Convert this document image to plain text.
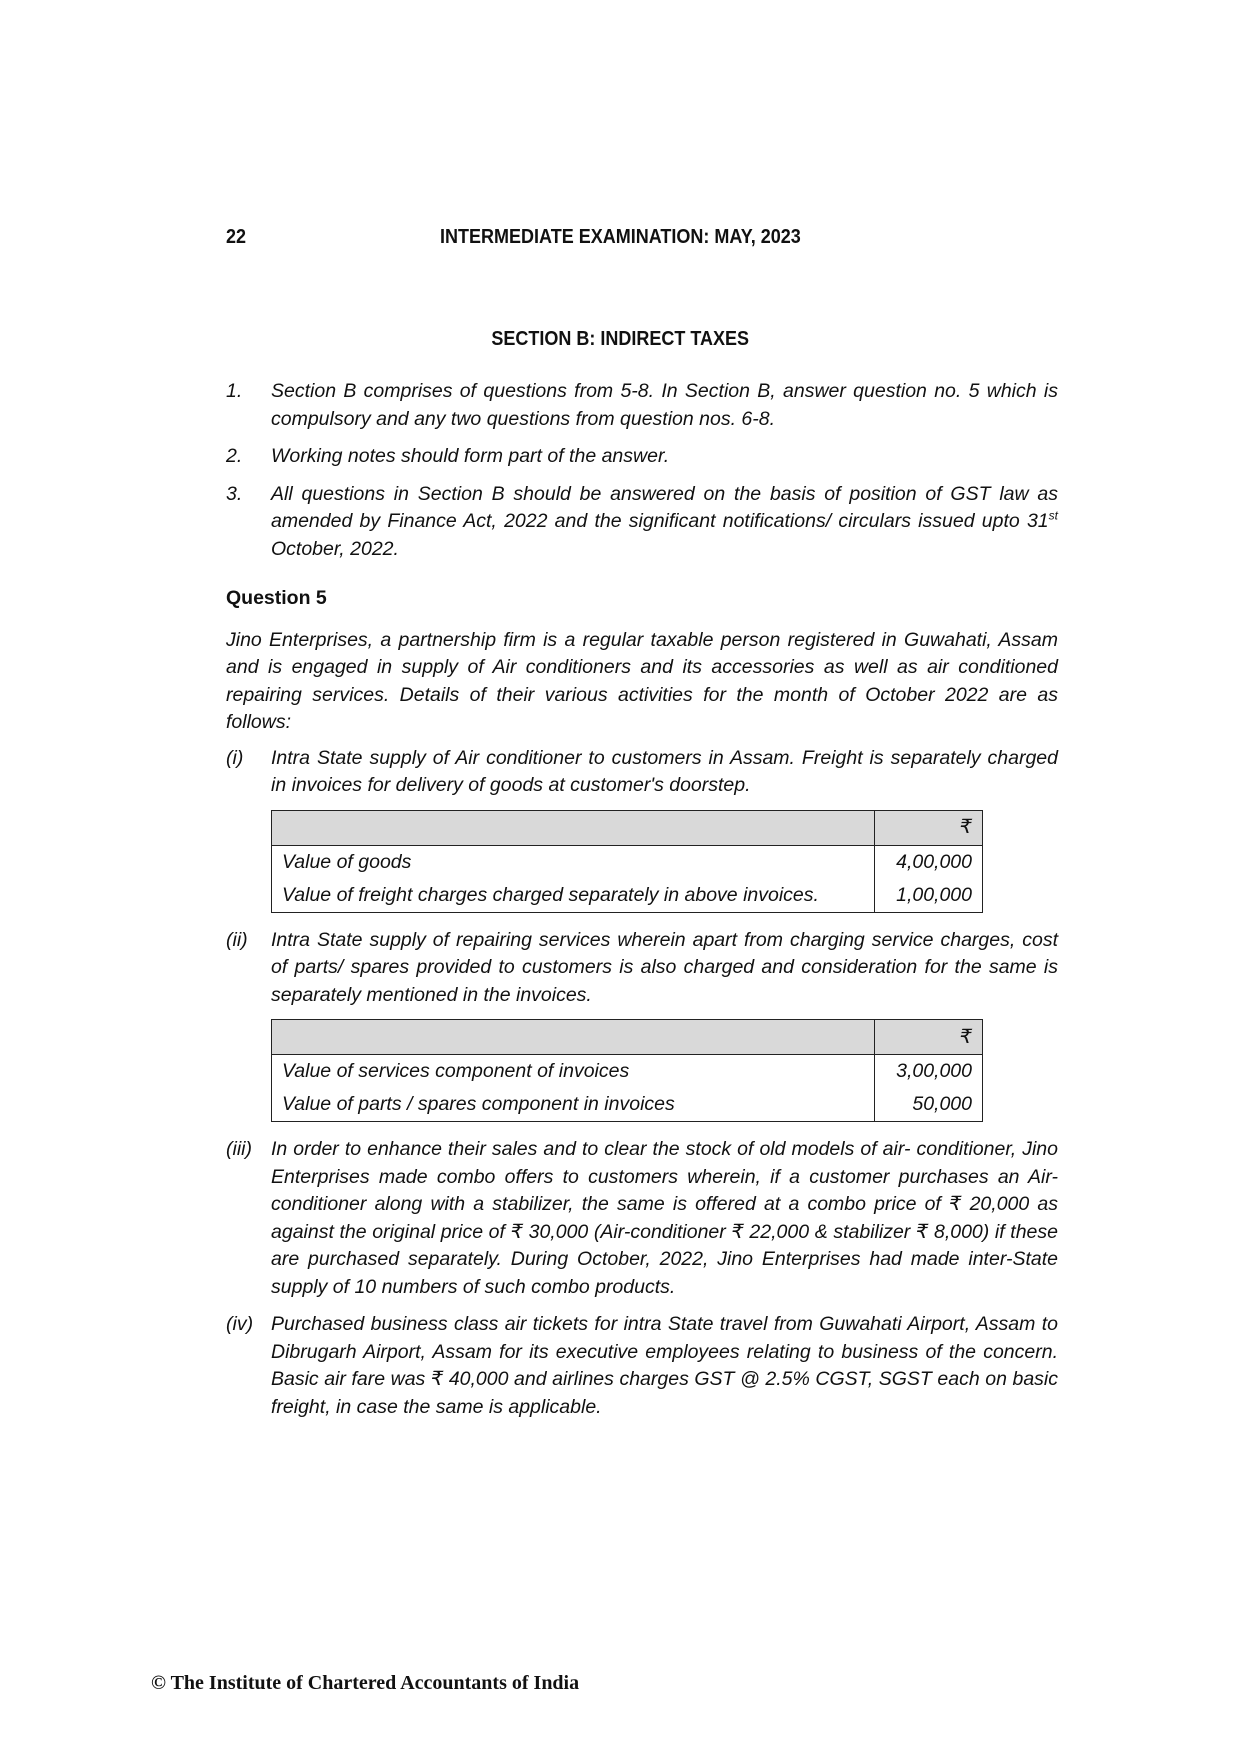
22	INTERMEDIATE EXAMINATION: MAY, 2023
SECTION B: INDIRECT TAXES
1.	Section B comprises of questions from 5-8. In Section B, answer question no. 5 which is compulsory and any two questions from question nos. 6-8.
2.	Working notes should form part of the answer.
3.	All questions in Section B should be answered on the basis of position of GST law as amended by Finance Act, 2022 and the significant notifications/ circulars issued upto 31st October, 2022.
Question 5
Jino Enterprises, a partnership firm is a regular taxable person registered in Guwahati, Assam and is engaged in supply of Air conditioners and its accessories as well as air conditioned repairing services. Details of their various activities for the month of October 2022 are as follows:
(i)	Intra State supply of Air conditioner to customers in Assam. Freight is separately charged in invoices for delivery of goods at customer's doorstep.
	₹
Value of goods	4,00,000
Value of freight charges charged separately in above invoices.	1,00,000
(ii)	Intra State supply of repairing services wherein apart from charging service charges, cost of parts/ spares provided to customers is also charged and consideration for the same is separately mentioned in the invoices.
	₹
Value of services component of invoices	3,00,000
Value of parts / spares component in invoices	50,000
(iii) In order to enhance their sales and to clear the stock of old models of air- conditioner, Jino Enterprises made combo offers to customers wherein, if a customer purchases an Air-conditioner along with a stabilizer, the same is offered at a combo price of ₹ 20,000 as against the original price of ₹ 30,000 (Air-conditioner ₹ 22,000 & stabilizer ₹ 8,000) if these are purchased separately. During October, 2022, Jino Enterprises had made inter-State supply of 10 numbers of such combo products.
(iv) Purchased business class air tickets for intra State travel from Guwahati Airport, Assam to Dibrugarh Airport, Assam for its executive employees relating to business of the concern. Basic air fare was ₹ 40,000 and airlines charges GST @ 2.5% CGST, SGST each on basic freight, in case the same is applicable.
© The Institute of Chartered Accountants of India
